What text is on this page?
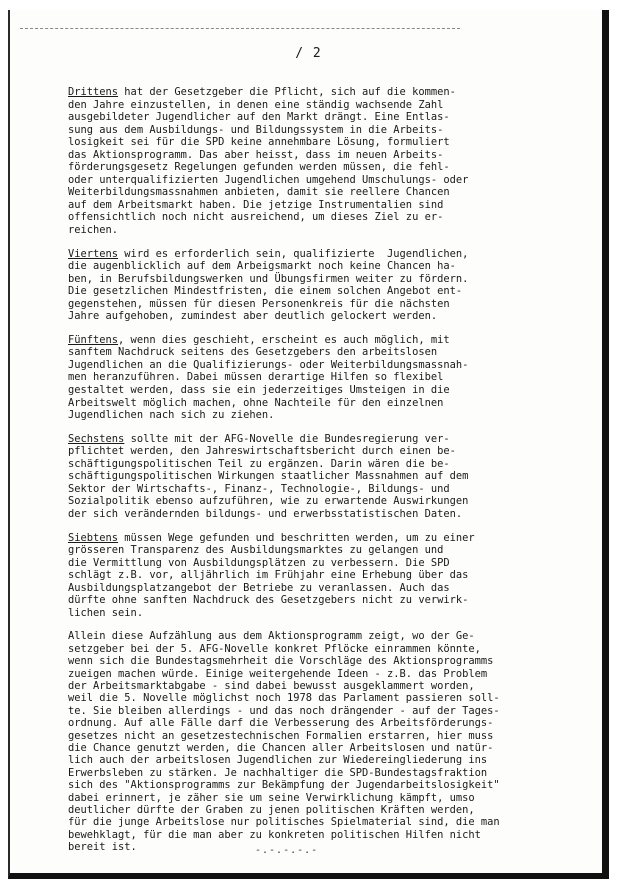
/ 2

Drittens hat der Gesetzgeber die Pflicht, sich auf die kommen-
den Jahre einzustellen, in denen eine ständig wachsende Zahl
ausgebildeter Jugendlicher auf den Markt drängt. Eine Entlas-
sung aus dem Ausbildungs- und Bildungssystem in die Arbeits-
losigkeit sei für die SPD keine annehmbare Lösung, formuliert
das Aktionsprogramm. Das aber heisst, dass im neuen Arbeits-
förderungsgesetz Regelungen gefunden werden müssen, die fehl-
oder unterqualifizierten Jugendlichen umgehend Umschulungs- oder
Weiterbildungsmassnahmen anbieten, damit sie reellere Chancen
auf dem Arbeitsmarkt haben. Die jetzige Instrumentalien sind
offensichtlich noch nicht ausreichend, um dieses Ziel zu er-
reichen.

Viertens wird es erforderlich sein, qualifizierte  Jugendlichen,
die augenblicklich auf dem Arbeigsmarkt noch keine Chancen ha-
ben, in Berufsbildungswerken und Übungsfirmen weiter zu fördern.
Die gesetzlichen Mindestfristen, die einem solchen Angebot ent-
gegenstehen, müssen für diesen Personenkreis für die nächsten
Jahre aufgehoben, zumindest aber deutlich gelockert werden.

Fünftens, wenn dies geschieht, erscheint es auch möglich, mit
sanftem Nachdruck seitens des Gesetzgebers den arbeitslosen
Jugendlichen an die Qualifizierungs- oder Weiterbildungsmassnah-
men heranzuführen. Dabei müssen derartige Hilfen so flexibel
gestaltet werden, dass sie ein jederzeitiges Umsteigen in die
Arbeitswelt möglich machen, ohne Nachteile für den einzelnen
Jugendlichen nach sich zu ziehen.

Sechstens sollte mit der AFG-Novelle die Bundesregierung ver-
pflichtet werden, den Jahreswirtschaftsbericht durch einen be-
schäftigungspolitischen Teil zu ergänzen. Darin wären die be-
schäftigungspolitischen Wirkungen staatlicher Massnahmen auf dem
Sektor der Wirtschafts-, Finanz-, Technologie-, Bildungs- und
Sozialpolitik ebenso aufzuführen, wie zu erwartende Auswirkungen
der sich verändernden bildungs- und erwerbsstatistischen Daten.

Siebtens müssen Wege gefunden und beschritten werden, um zu einer
grösseren Transparenz des Ausbildungsmarktes zu gelangen und
die Vermittlung von Ausbildungsplätzen zu verbessern. Die SPD
schlägt z.B. vor, alljährlich im Frühjahr eine Erhebung über das
Ausbildungsplatzangebot der Betriebe zu veranlassen. Auch das
dürfte ohne sanften Nachdruck des Gesetzgebers nicht zu verwirk-
lichen sein.

Allein diese Aufzählung aus dem Aktionsprogramm zeigt, wo der Ge-
setzgeber bei der 5. AFG-Novelle konkret Pflöcke einrammen könnte,
wenn sich die Bundestagsmehrheit die Vorschläge des Aktionsprogramms
zueigen machen würde. Einige weitergehende Ideen - z.B. das Problem
der Arbeitsmarktabgabe - sind dabei bewusst ausgeklammert worden,
weil die 5. Novelle möglichst noch 1978 das Parlament passieren soll-
te. Sie bleiben allerdings - und das noch drängender - auf der Tages-
ordnung. Auf alle Fälle darf die Verbesserung des Arbeitsförderungs-
gesetzes nicht an gesetzestechnischen Formalien erstarren, hier muss
die Chance genutzt werden, die Chancen aller Arbeitslosen und natür-
lich auch der arbeitslosen Jugendlichen zur Wiedereingliederung ins
Erwerbsleben zu stärken. Je nachhaltiger die SPD-Bundestagsfraktion
sich des "Aktionsprogramms zur Bekämpfung der Jugendarbeitslosigkeit"
dabei erinnert, je zäher sie um seine Verwirklichung kämpft, umso
deutlicher dürfte der Graben zu jenen politischen Kräften werden,
für die junge Arbeitslose nur politisches Spielmaterial sind, die man
bewehklagt, für die man aber zu konkreten politischen Hilfen nicht
bereit ist.	-.-.-.-.-
